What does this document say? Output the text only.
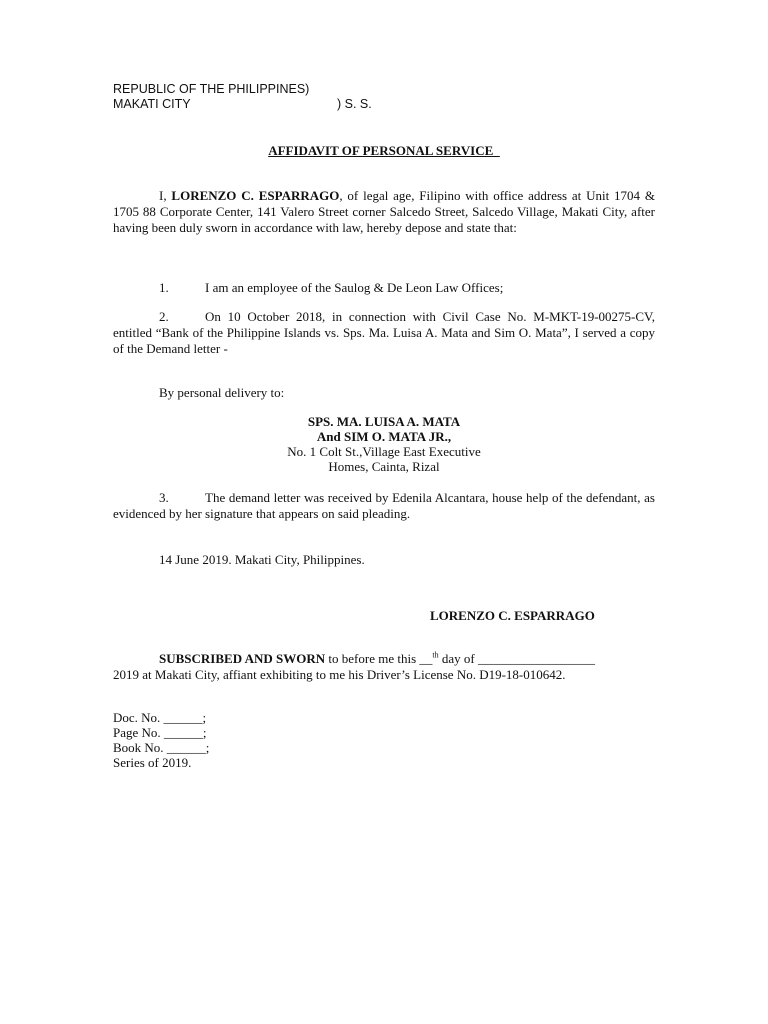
REPUBLIC OF THE PHILIPPINES)
MAKATI CITY	) S. S.
AFFIDAVIT OF PERSONAL SERVICE
I, LORENZO C. ESPARRAGO, of legal age, Filipino with office address at Unit 1704 & 1705 88 Corporate Center, 141 Valero Street corner Salcedo Street, Salcedo Village, Makati City, after having been duly sworn in accordance with law, hereby depose and state that:
1.	I am an employee of the Saulog & De Leon Law Offices;
2.	On 10 October 2018, in connection with Civil Case No. M-MKT-19-00275-CV, entitled “Bank of the Philippine Islands vs. Sps. Ma. Luisa A. Mata and Sim O. Mata”, I served a copy of the Demand letter -
By personal delivery to:
SPS. MA. LUISA A. MATA
And SIM O. MATA JR.,
No. 1 Colt St.,Village East Executive
Homes, Cainta, Rizal
3.	The demand letter was received by Edenila Alcantara, house help of the defendant, as evidenced by her signature that appears on said pleading.
14 June 2019. Makati City, Philippines.
LORENZO C. ESPARRAGO
SUBSCRIBED AND SWORN to before me this __$^{th}$ day of __________________
2019 at Makati City, affiant exhibiting to me his Driver’s License No. D19-18-010642.
Doc. No. ______;
Page No. ______;
Book No. ______;
Series of 2019.
